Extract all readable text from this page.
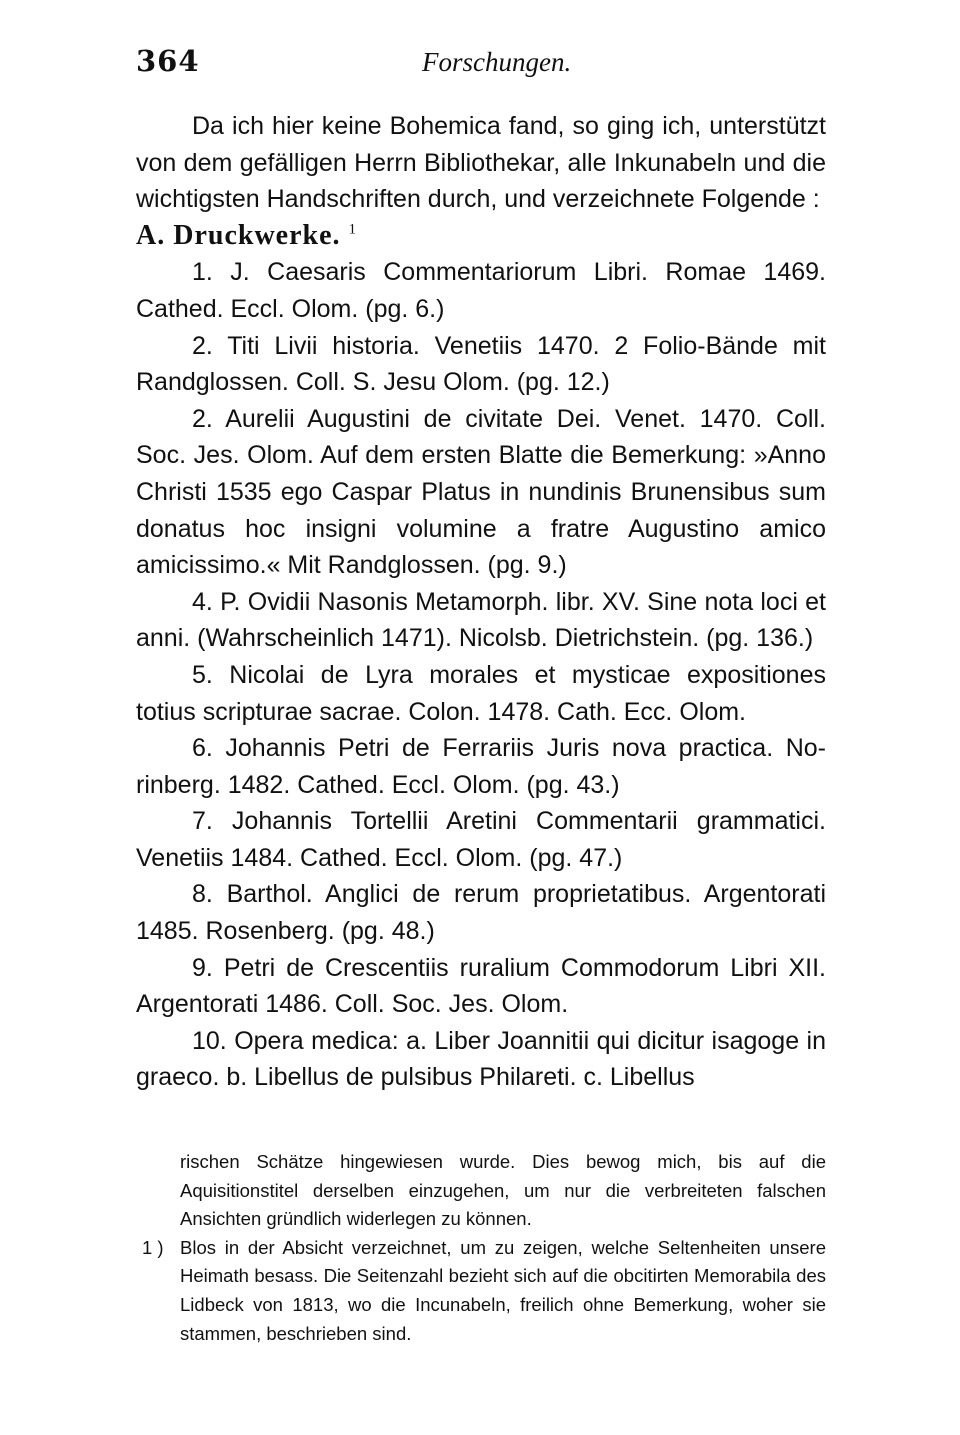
364	Forschungen.

Da ich hier keine Bohemica fand, so ging ich, unterstützt von dem gefälligen Herrn Bibliothekar, alle Inkunabeln und die wichtigsten Handschriften durch, und verzeichnete Folgende :

A. Druckwerke. $^1$

1. J. Caesaris Commentariorum Libri. Romae 1469. Cathed. Eccl. Olom. (pg. 6.)

2. Titi Livii historia. Venetiis 1470. 2 Folio-Bände mit Randglossen. Coll. S. Jesu Olom. (pg. 12.)

2. Aurelii Augustini de civitate Dei. Venet. 1470. Coll. Soc. Jes. Olom. Auf dem ersten Blatte die Bemerkung: »Anno Christi 1535 ego Caspar Platus in nundinis Brunensibus sum donatus hoc insigni volumine a fratre Augustino amico amicissimo.« Mit Randglossen. (pg. 9.)

4. P. Ovidii Nasonis Metamorph. libr. XV. Sine nota loci et anni. (Wahrscheinlich 1471). Nicolsb. Dietrichstein. (pg. 136.)

5. Nicolai de Lyra morales et mysticae expositiones totius scripturae sacrae. Colon. 1478. Cath. Ecc. Olom.

6. Johannis Petri de Ferrariis Juris nova practica. Norinberg. 1482. Cathed. Eccl. Olom. (pg. 43.)

7. Johannis Tortellii Aretini Commentarii grammatici. Venetiis 1484. Cathed. Eccl. Olom. (pg. 47.)

8. Barthol. Anglici de rerum proprietatibus. Argentorati 1485. Rosenberg. (pg. 48.)

9. Petri de Crescentiis ruralium Commodorum Libri XII. Argentorati 1486. Coll. Soc. Jes. Olom.

10. Opera medica: a. Liber Joannitii qui dicitur isagoge in graeco. b. Libellus de pulsibus Philareti. c. Libellus

rischen Schätze hingewiesen wurde. Dies bewog mich, bis auf die Aquisitionstitel derselben einzugehen, um nur die verbreiteten falschen Ansichten gründlich widerlegen zu können.

1 ) Blos in der Absicht verzeichnet, um zu zeigen, welche Seltenheiten unsere Heimath besass. Die Seitenzahl bezieht sich auf die obcitirten Memorabila des Lidbeck von 1813, wo die Incunabeln, freilich ohne Bemerkung, woher sie stammen, beschrieben sind.
